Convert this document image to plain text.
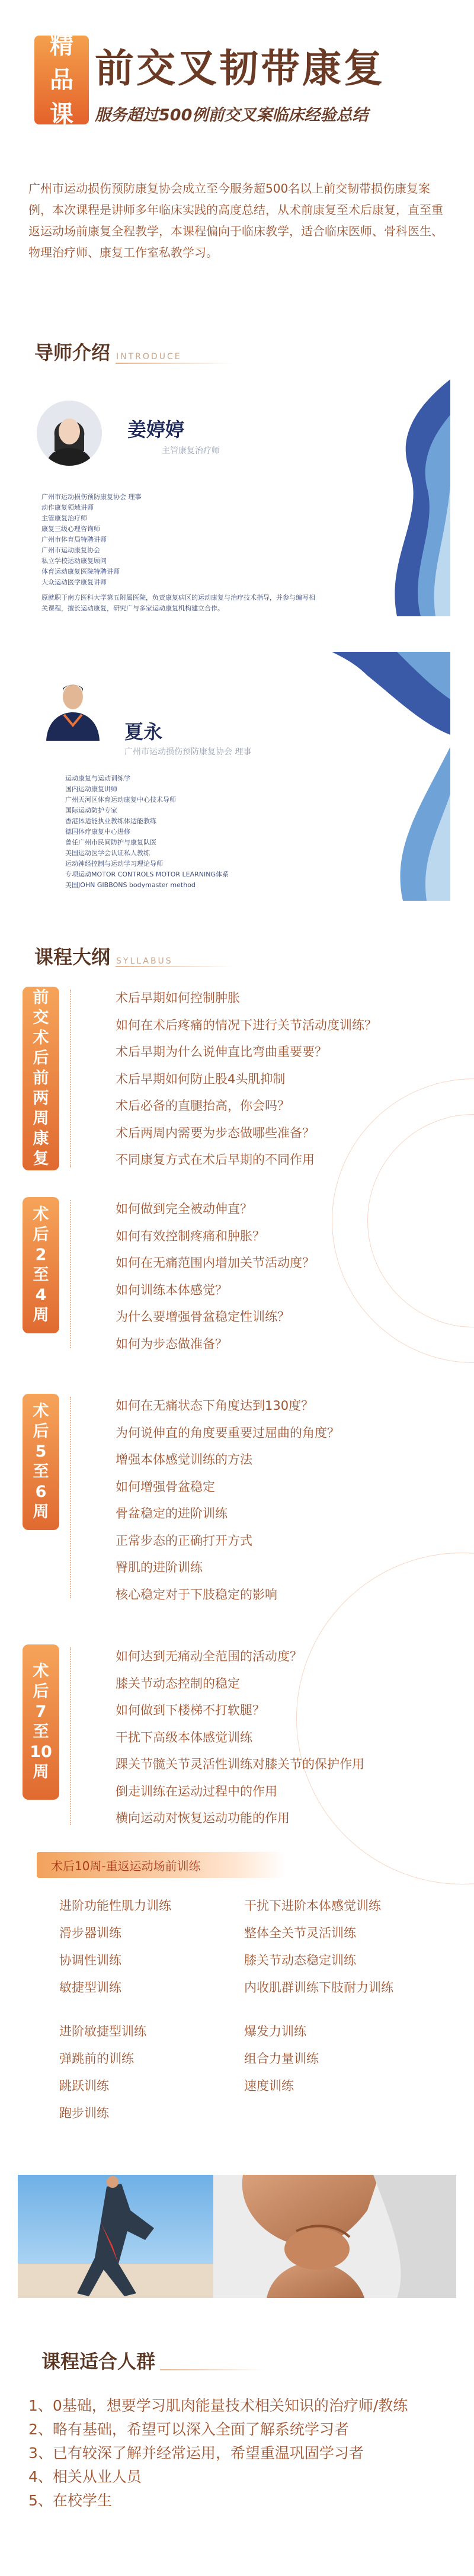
精
品
课
前交叉韧带康复
服务超过500例前交叉案临床经验总结

广州市运动损伤预防康复协会成立至今服务超500名以上前交韧带损伤康复案例，本次课程是讲师多年临床实践的高度总结，从术前康复至术后康复，直至重返运动场前康复全程教学，本课程偏向于临床教学，适合临床医师、骨科医生、物理治疗师、康复工作室私教学习。

导师介绍 INTRODUCE
姜婷婷
主管康复治疗师
广州市运动损伤预防康复协会 理事
动作康复领域讲师
主管康复治疗师
康复三级心理咨询师
广州市体育局特聘讲师
广州市运动康复协会
私立学校运动康复顾问
体育运动康复医院特聘讲师
大众运动医学康复讲师
原就职于南方医科大学第五附属医院，负责康复病区的运动康复与治疗技术指导，并参与编写相关课程，擅长运动康复，研究广与多家运动康复机构建立合作。
夏永
广州市运动损伤预防康复协会 理事
运动康复与运动训练学
国内运动康复讲师
广州天河区体育运动康复中心技术导师
国际运动防护专家
香港体适能执业教练体适能教练
德国体疗康复中心进修
曾任广州市民间防护与康复队医
美国运动医学会认证私人教练
运动神经控制与运动学习理论导师
专项运动MOTOR CONTROLS MOTOR LEARNING体系
美国JOHN GIBBONS bodymaster method
课程大纲 SYLLABUS
前
交
术
后
前
两
周
康
复
术后早期如何控制肿胀
如何在术后疼痛的情况下进行关节活动度训练？
术后早期为什么说伸直比弯曲重要要？
术后早期如何防止股4头肌抑制
术后必备的直腿抬高，你会吗？
术后两周内需要为步态做哪些准备？
不同康复方式在术后早期的不同作用
术
后
2
至
4
周
如何做到完全被动伸直？
如何有效控制疼痛和肿胀？
如何在无痛范围内增加关节活动度？
如何训练本体感觉？
为什么要增强骨盆稳定性训练？
如何为步态做准备？
术
后
5
至
6
周
如何在无痛状态下角度达到130度？
为何说伸直的角度要重要过屈曲的角度？
增强本体感觉训练的方法
如何增强骨盆稳定
骨盆稳定的进阶训练
正常步态的正确打开方式
臀肌的进阶训练
核心稳定对于下肢稳定的影响
术
后
7
至
10
周
如何达到无痛动全范围的活动度？
膝关节动态控制的稳定
如何做到下楼梯不打软腿？
干扰下高级本体感觉训练
踝关节髋关节灵活性训练对膝关节的保护作用
倒走训练在运动过程中的作用
横向运动对恢复运动功能的作用
术后10周-重返运动场前训练
进阶功能性肌力训练
滑步器训练
协调性训练
敏捷型训练
干扰下进阶本体感觉训练
整体全关节灵活训练
膝关节动态稳定训练
内收肌群训练下肢耐力训练
进阶敏捷型训练
弹跳前的训练
跳跃训练
跑步训练
爆发力训练
组合力量训练
速度训练
课程适合人群
1、0基础，想要学习肌肉能量技术相关知识的治疗师/教练
2、略有基础，希望可以深入全面了解系统学习者
3、已有较深了解并经常运用，希望重温巩固学习者
4、相关从业人员
5、在校学生
